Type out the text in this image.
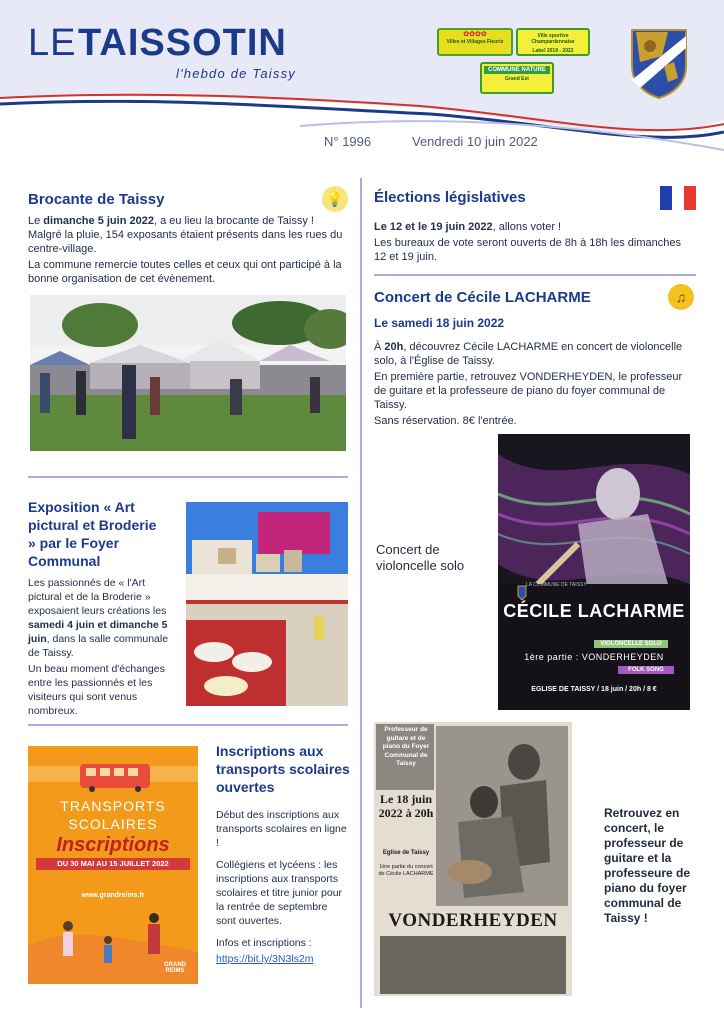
LE TAISSOTIN
l'hebdo de Taissy
N° 1996	Vendredi 10 juin 2022
✿✿✿✿
Villes et Villages Fleuris
Ville sportive Champardennaise
Label 2019 - 2022
COMMUNE NATURE
Grand Est
Brocante de Taissy	💡

Le dimanche 5 juin 2022, a eu lieu la brocante de Taissy ! Malgré la pluie, 154 exposants étaient présents dans les rues du centre-village.

La commune remercie toutes celles et ceux qui ont participé à la bonne organisation de cet évènement.

Élections législatives

Le 12 et le 19 juin 2022, allons voter !

Les bureaux de vote seront ouverts de 8h à 18h les dimanches 12 et 19 juin.

Concert de Cécile LACHARME	♫
Le samedi 18 juin 2022

À 20h, découvrez Cécile LACHARME en concert de violoncelle solo, à l'Église de Taissy.

En première partie, retrouvez VONDERHEYDEN, le professeur de guitare et la professeure de piano du foyer communal de Taissy.

Sans réservation. 8€ l'entrée.

Concert de violoncelle solo
LA COMMUNE DE TAISSY
CÉCILE LACHARME
VIOLONCELLE SOLO
1ère partie : VONDERHEYDEN
FOLK SONG
EGLISE DE TAISSY / 18 juin / 20h / 8 €
Exposition « Art pictural et Broderie » par le Foyer Communal

Les passionnés de « l'Art pictural et de la Broderie » exposaient leurs créations les samedi 4 juin et dimanche 5 juin, dans la salle communale de Taissy.

Un beau moment d'échanges entre les passionnés et les visiteurs qui sont venus nombreux.

TRANSPORTS
SCOLAIRES
Inscriptions
DU 30 MAI AU 15 JUILLET 2022
www.grandreims.fr
GRAND REIMS
Inscriptions aux transports scolaires ouvertes

Début des inscriptions aux transports scolaires en ligne !

Collégiens et lycéens : les inscriptions aux transports scolaires et titre junior pour la rentrée de septembre sont ouvertes.

Infos et inscriptions :

https://bit.ly/3N3ls2m

Professeur de guitare et de piano du Foyer Communal de Taissy
Le 18 juin 2022 à 20h
Eglise de Taissy
1ère partie du concert de Cécile LACHARME
VONDERHEYDEN
Retrouvez en concert, le professeur de guitare et la professeure de piano du foyer communal de Taissy !
